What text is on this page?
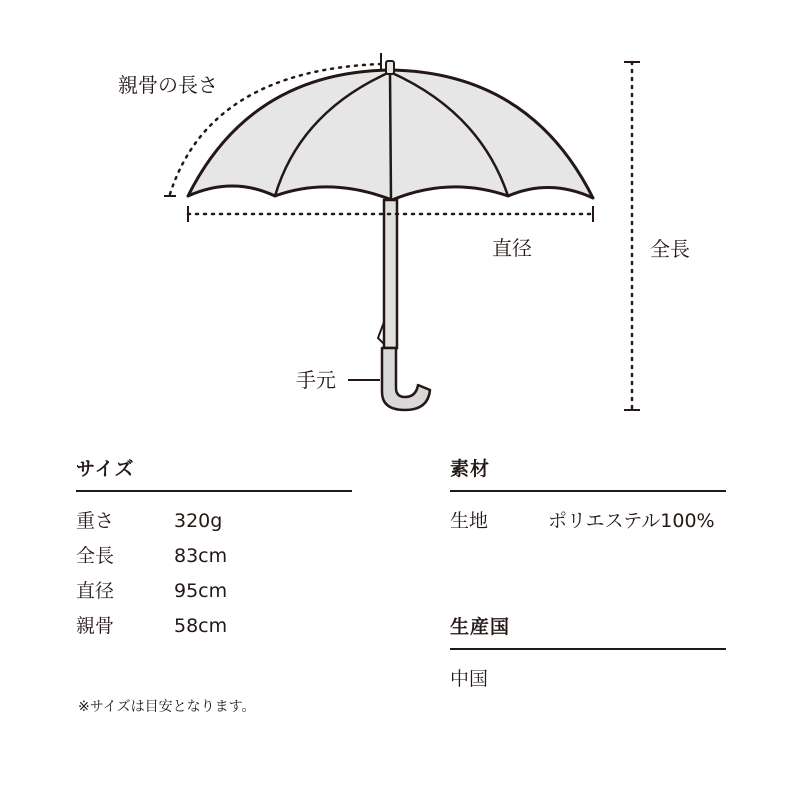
親骨の長さ
直径	全長
手元
サイズ
重さ	320g
全長	83cm
直径	95cm
親骨	58cm
素材
生地	ポリエステル100%
生産国
中国
※サイズは目安となります。
